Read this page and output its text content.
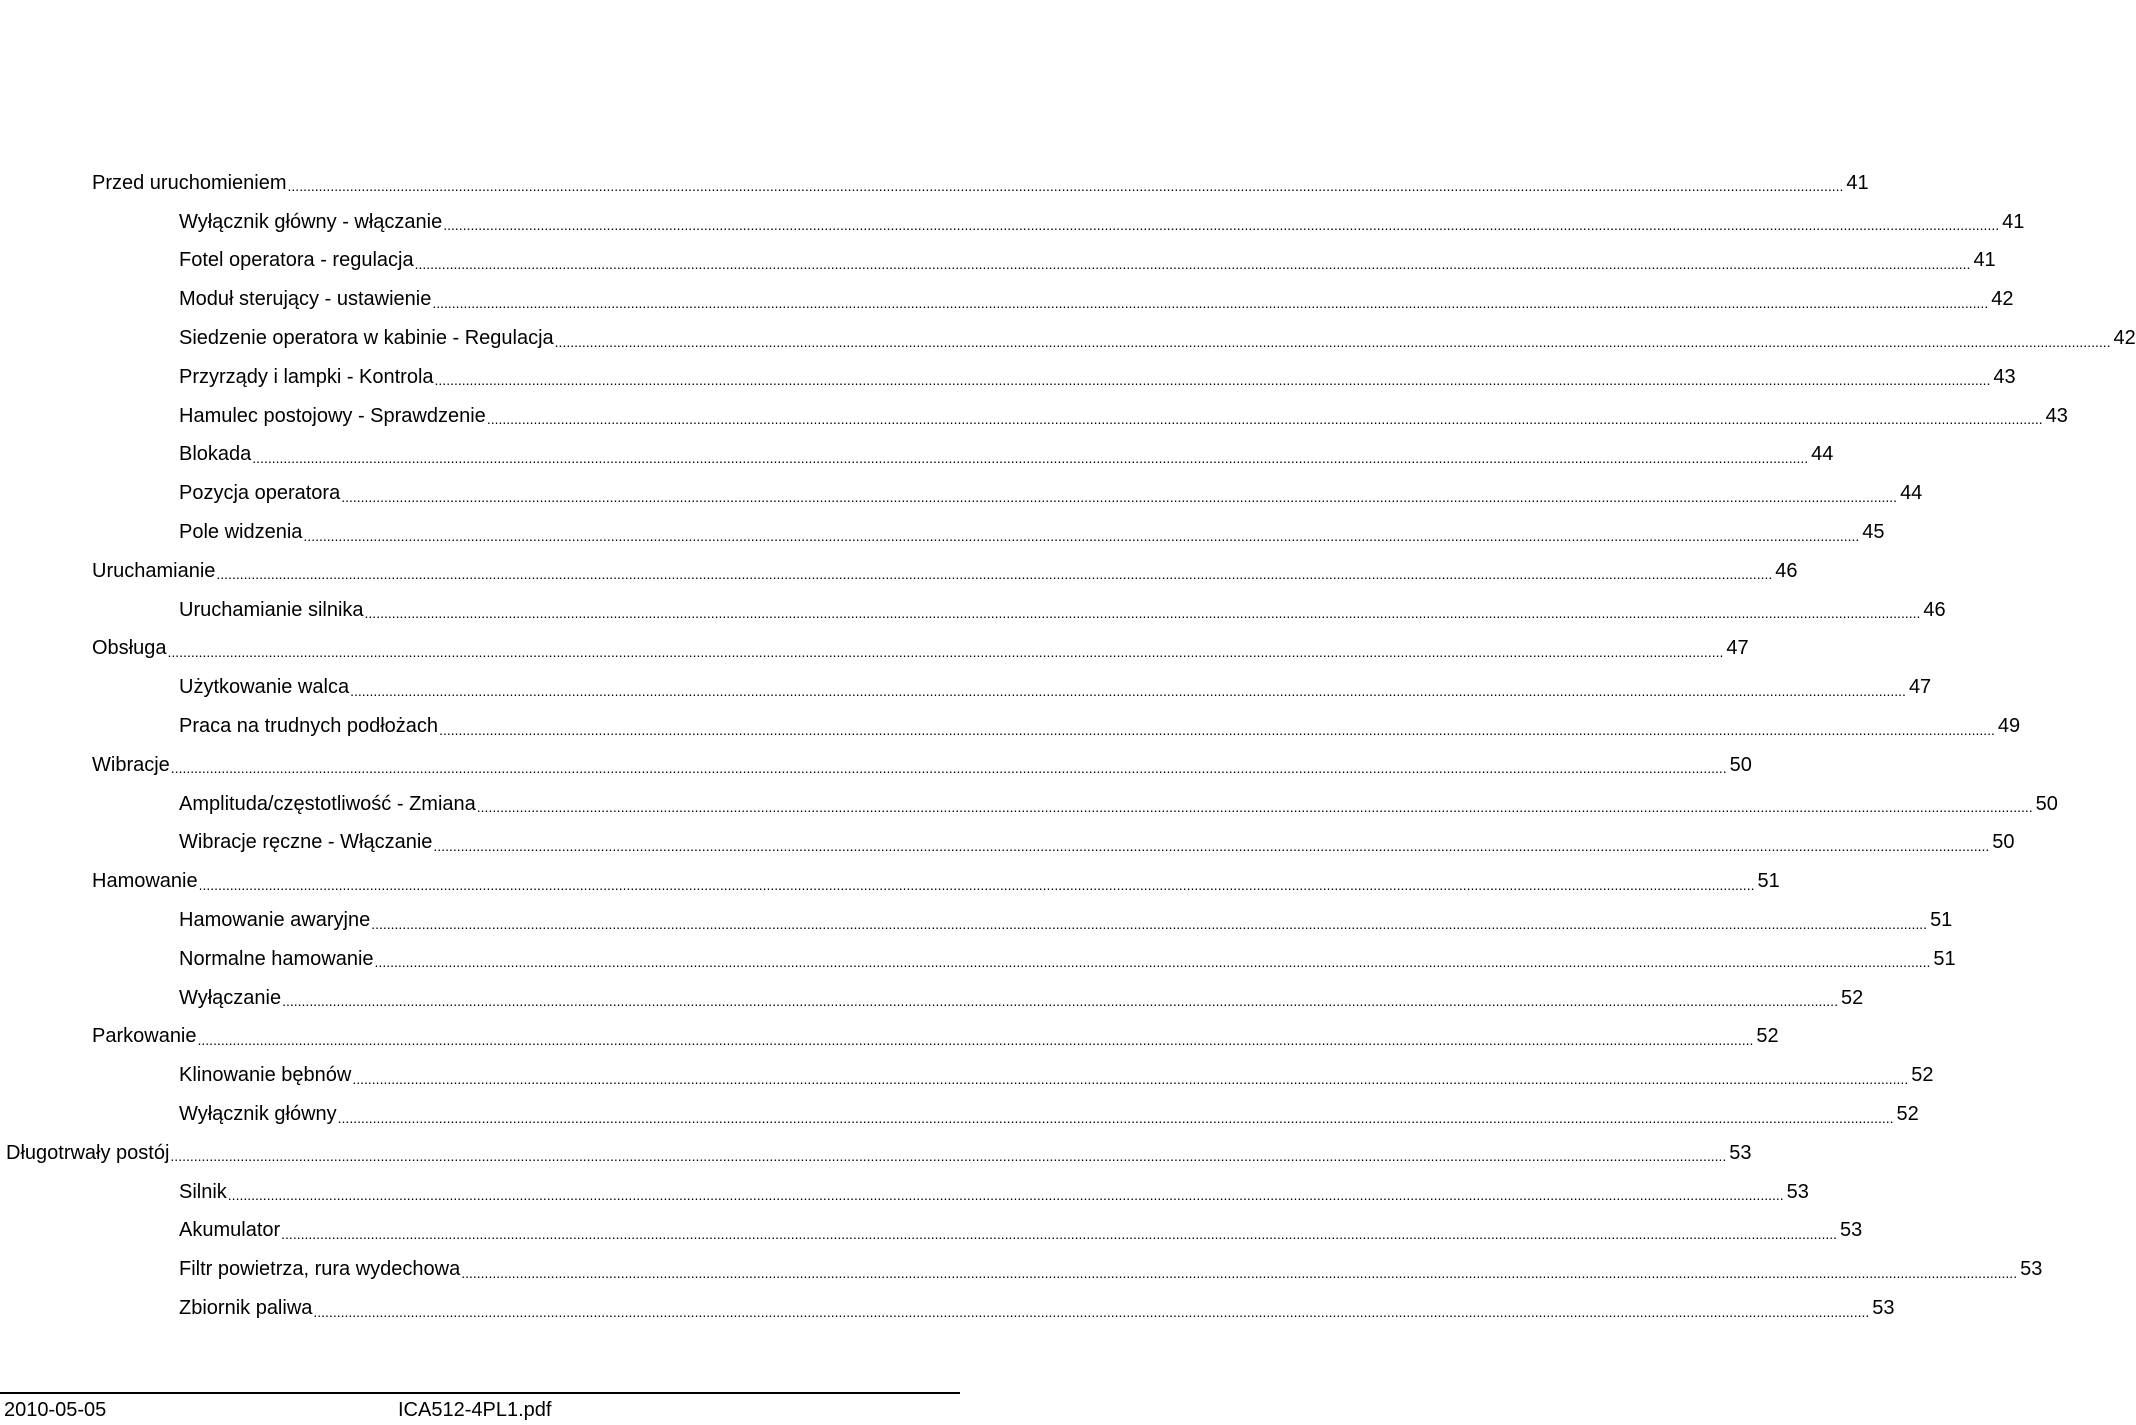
Przed uruchomieniem ................................................................................................................................................................................................................................................................................................................................................................................................................ 41
Wyłącznik główny - włączanie ................................................................................................................................................................................................................................................................................................................................................................................................................ 41
Fotel operatora - regulacja ................................................................................................................................................................................................................................................................................................................................................................................................................ 41
Moduł sterujący - ustawienie ................................................................................................................................................................................................................................................................................................................................................................................................................ 42
Siedzenie operatora w kabinie - Regulacja ................................................................................................................................................................................................................................................................................................................................................................................................................ 42
Przyrządy i lampki - Kontrola ................................................................................................................................................................................................................................................................................................................................................................................................................ 43
Hamulec postojowy - Sprawdzenie ................................................................................................................................................................................................................................................................................................................................................................................................................ 43
Blokada ................................................................................................................................................................................................................................................................................................................................................................................................................ 44
Pozycja operatora ................................................................................................................................................................................................................................................................................................................................................................................................................ 44
Pole widzenia ................................................................................................................................................................................................................................................................................................................................................................................................................ 45
Uruchamianie ................................................................................................................................................................................................................................................................................................................................................................................................................ 46
Uruchamianie silnika ................................................................................................................................................................................................................................................................................................................................................................................................................ 46
Obsługa ................................................................................................................................................................................................................................................................................................................................................................................................................ 47
Użytkowanie walca ................................................................................................................................................................................................................................................................................................................................................................................................................ 47
Praca na trudnych podłożach ................................................................................................................................................................................................................................................................................................................................................................................................................ 49
Wibracje ................................................................................................................................................................................................................................................................................................................................................................................................................ 50
Amplituda/częstotliwość - Zmiana ................................................................................................................................................................................................................................................................................................................................................................................................................ 50
Wibracje ręczne - Włączanie ................................................................................................................................................................................................................................................................................................................................................................................................................ 50
Hamowanie ................................................................................................................................................................................................................................................................................................................................................................................................................ 51
Hamowanie awaryjne ................................................................................................................................................................................................................................................................................................................................................................................................................ 51
Normalne hamowanie ................................................................................................................................................................................................................................................................................................................................................................................................................ 51
Wyłączanie ................................................................................................................................................................................................................................................................................................................................................................................................................ 52
Parkowanie ................................................................................................................................................................................................................................................................................................................................................................................................................ 52
Klinowanie bębnów ................................................................................................................................................................................................................................................................................................................................................................................................................ 52
Wyłącznik główny ................................................................................................................................................................................................................................................................................................................................................................................................................ 52
Długotrwały postój ................................................................................................................................................................................................................................................................................................................................................................................................................ 53
Silnik ................................................................................................................................................................................................................................................................................................................................................................................................................ 53
Akumulator ................................................................................................................................................................................................................................................................................................................................................................................................................ 53
Filtr powietrza, rura wydechowa ................................................................................................................................................................................................................................................................................................................................................................................................................ 53
Zbiornik paliwa ................................................................................................................................................................................................................................................................................................................................................................................................................ 53
2010-05-05	ICA512-4PL1.pdf
